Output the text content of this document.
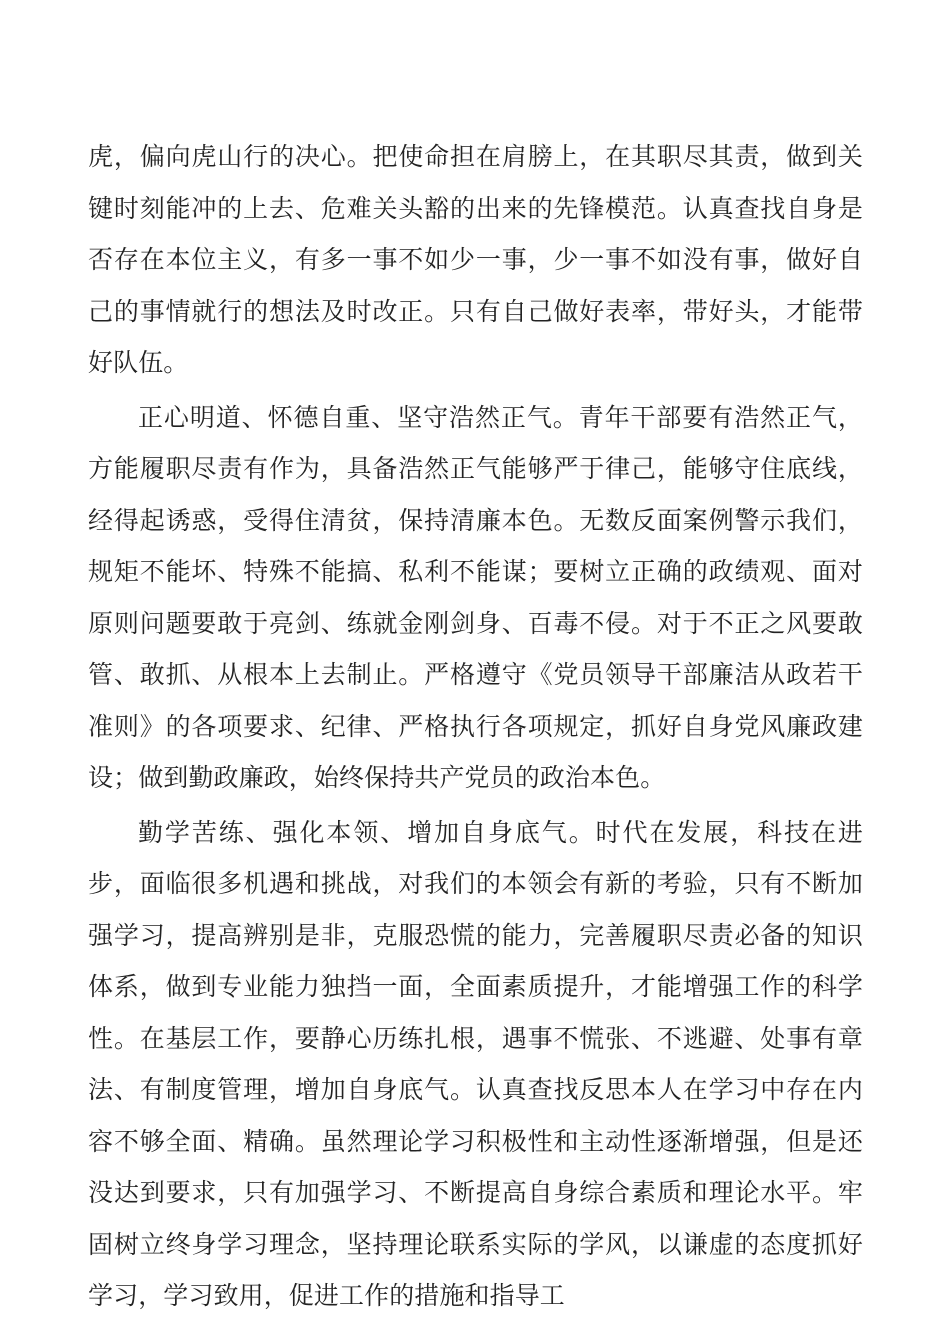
虎，偏向虎山行的决心。把使命担在肩膀上，在其职尽其责，做到关键时刻能冲的上去、危难关头豁的出来的先锋模范。认真查找自身是否存在本位主义，有多一事不如少一事，少一事不如没有事，做好自己的事情就行的想法及时改正。只有自己做好表率，带好头，才能带好队伍。

正心明道、怀德自重、坚守浩然正气。青年干部要有浩然正气，方能履职尽责有作为，具备浩然正气能够严于律己，能够守住底线，经得起诱惑，受得住清贫，保持清廉本色。无数反面案例警示我们，规矩不能坏、特殊不能搞、私利不能谋；要树立正确的政绩观、面对原则问题要敢于亮剑、练就金刚剑身、百毒不侵。对于不正之风要敢管、敢抓、从根本上去制止。严格遵守《党员领导干部廉洁从政若干准则》的各项要求、纪律、严格执行各项规定，抓好自身党风廉政建设；做到勤政廉政，始终保持共产党员的政治本色。

勤学苦练、强化本领、增加自身底气。时代在发展，科技在进步，面临很多机遇和挑战，对我们的本领会有新的考验，只有不断加强学习，提高辨别是非，克服恐慌的能力，完善履职尽责必备的知识体系，做到专业能力独挡一面，全面素质提升，才能增强工作的科学性。在基层工作，要静心历练扎根，遇事不慌张、不逃避、处事有章法、有制度管理，增加自身底气。认真查找反思本人在学习中存在内容不够全面、精确。虽然理论学习积极性和主动性逐渐增强，但是还没达到要求，只有加强学习、不断提高自身综合素质和理论水平。牢固树立终身学习理念，坚持理论联系实际的学风，以谦虚的态度抓好学习，学习致用，促进工作的措施和指导工
